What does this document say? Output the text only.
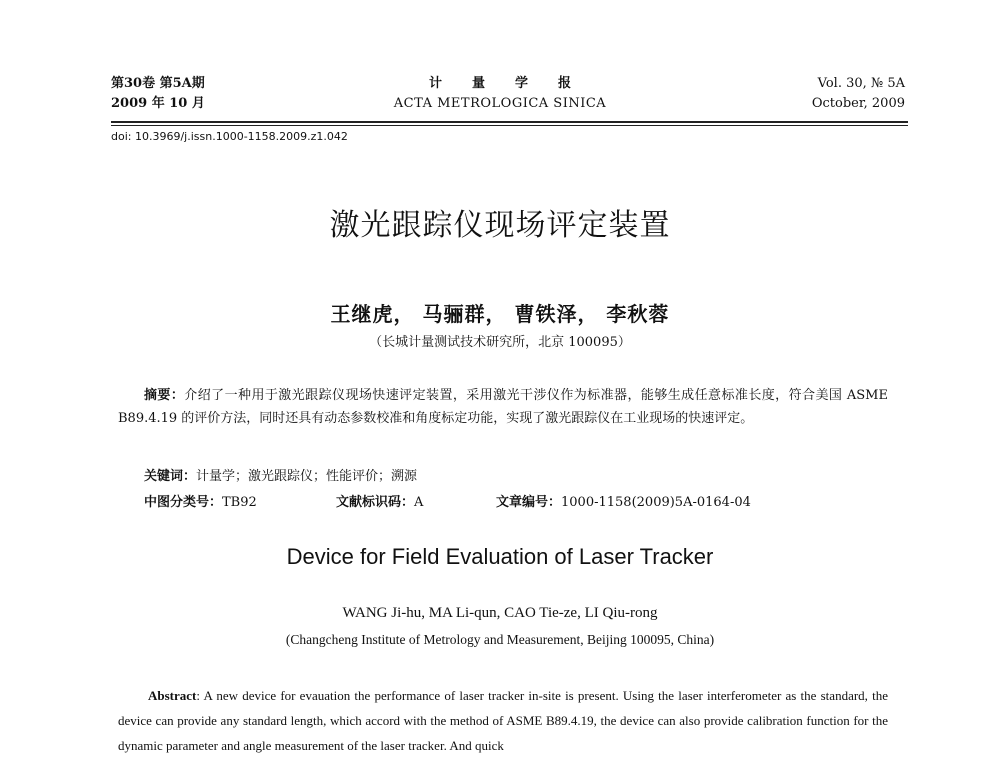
第30卷 第5A期
2009 年 10 月
计量学报
ACTA METROLOGICA SINICA
Vol. 30, № 5A
October, 2009
doi: 10.3969/j.issn.1000-1158.2009.z1.042
激光跟踪仪现场评定装置
王继虎， 马骊群， 曹铁泽， 李秋蓉
（长城计量测试技术研究所，北京 100095）
摘要：介绍了一种用于激光跟踪仪现场快速评定装置，采用激光干涉仪作为标准器，能够生成任意标准长度，符合美国 ASME B89.4.19 的评价方法，同时还具有动态参数校准和角度标定功能，实现了激光跟踪仪在工业现场的快速评定。
关键词：计量学；激光跟踪仪；性能评价；溯源
中图分类号：TB92	文献标识码：A	文章编号：1000-1158(2009)5A-0164-04
Device for Field Evaluation of Laser Tracker
WANG Ji-hu, MA Li-qun, CAO Tie-ze, LI Qiu-rong
(Changcheng Institute of Metrology and Measurement, Beijing 100095, China)
Abstract: A new device for evauation the performance of laser tracker in-site is present. Using the laser interferometer as the standard, the device can provide any standard length, which accord with the method of ASME B89.4.19, the device can also provide calibration function for the dynamic parameter and angle measurement of the laser tracker. And quick
